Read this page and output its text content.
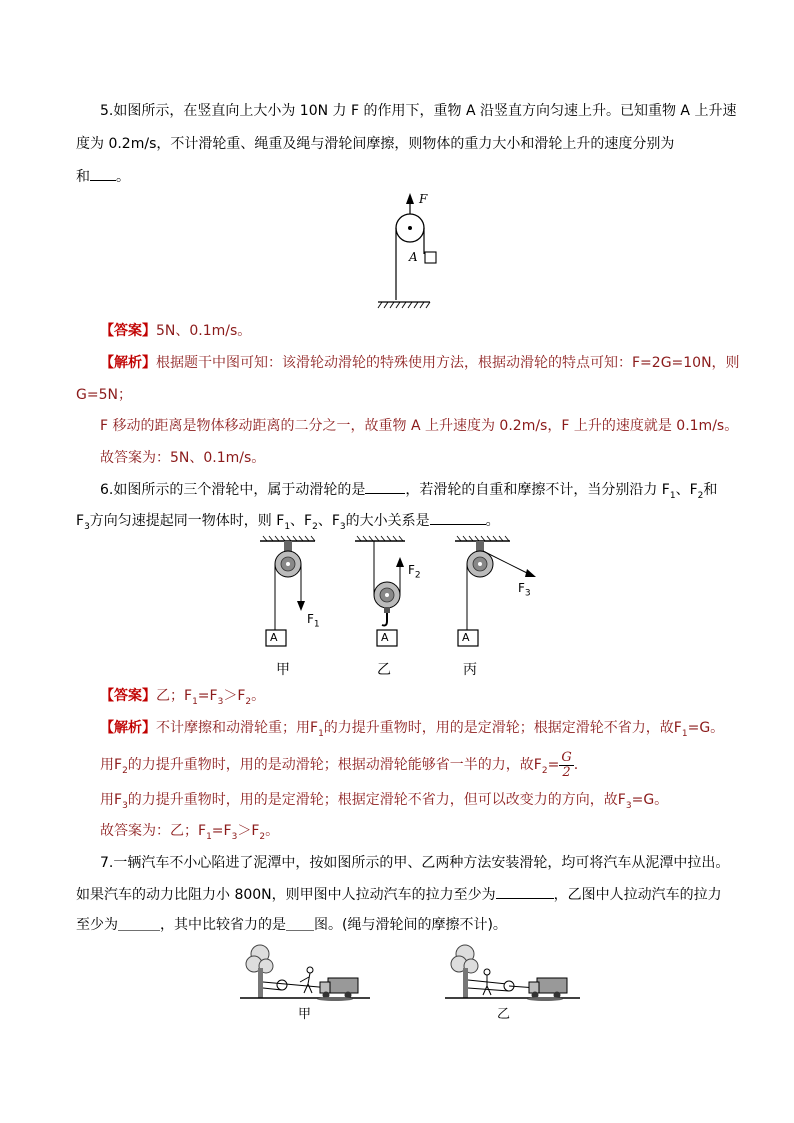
5.如图所示，在竖直向上大小为 10N 力 F 的作用下，重物 A 沿竖直方向匀速上升。已知重物 A 上升速
度为 0.2m/s，不计滑轮重、绳重及绳与滑轮间摩擦，则物体的重力大小和滑轮上升的速度分别为
和 。
F
A
【答案】5N、0.1m/s。
【解析】根据题干中图可知：该滑轮动滑轮的特殊使用方法，根据动滑轮的特点可知：F=2G=10N，则
G=5N；
F 移动的距离是物体移动距离的二分之一，故重物 A 上升速度为 0.2m/s，F 上升的速度就是 0.1m/s。
故答案为：5N、0.1m/s。
6.如图所示的三个滑轮中，属于动滑轮的是	，若滑轮的自重和摩擦不计，当分别沿力 $F_1$、$F_2$和
$F_3$方向匀速提起同一物体时，则 $F_1$、$F_2$、$F_3$的大小关系是	。
A	A	A
$F_1$
$F_2$
$F_3$
甲	乙	丙
【答案】乙；$F_1=F_3>F_2$。
【解析】不计摩擦和动滑轮重；用$F_1$的力提升重物时，用的是定滑轮；根据定滑轮不省力，故$F_1=G$。
用$F_2$的力提升重物时，用的是动滑轮；根据动滑轮能够省一半的力，故$F_2= \frac{G}{2}$ .
用$F_3$的力提升重物时，用的是定滑轮；根据定滑轮不省力，但可以改变力的方向，故$F_3=G$。
故答案为：乙；$F_1=F_3>F_2$。
7.一辆汽车不小心陷进了泥潭中，按如图所示的甲、乙两种方法安装滑轮，均可将汽车从泥潭中拉出。
如果汽车的动力比阻力小 800N，则甲图中人拉动汽车的拉力至少为	，乙图中人拉动汽车的拉力
至少为＿＿＿，其中比较省力的是＿＿图。(绳与滑轮间的摩擦不计)。
甲	乙
